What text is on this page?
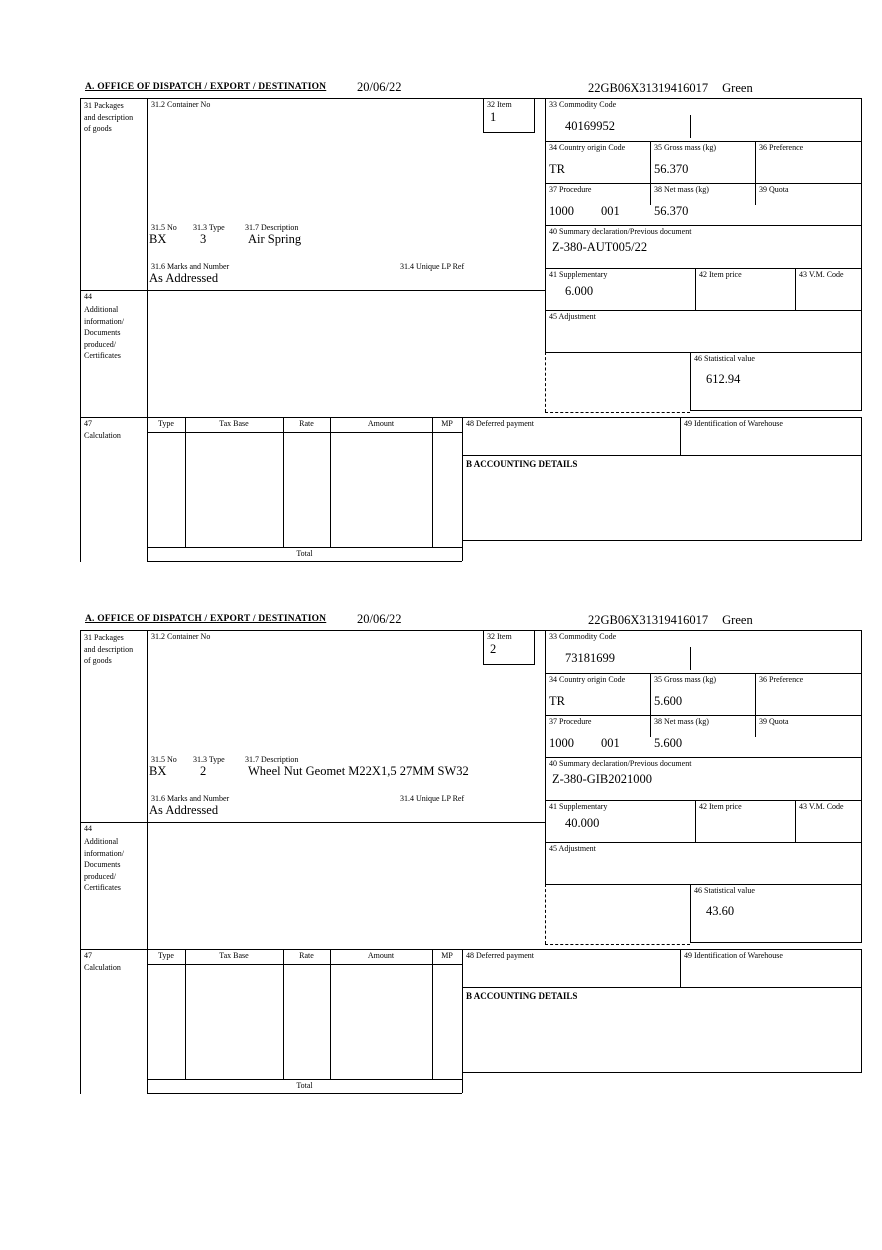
A. OFFICE OF DISPATCH / EXPORT / DESTINATION 20/06/22	22GB06X31319416017 Green
31 Packages and description of goods
44
Additional information/ Documents produced/ Certificates
47
Calculation
31.2 Container No	32 Item
1
31.5 No 31.3 Type	31.7 Description
BX	3	Air Spring
31.6 Marks and Number	31.4 Unique LP Ref
As Addressed
33 Commodity Code
40169952
34 Country origin Code	35 Gross mass (kg)	36 Preference
TR	56.370
37 Procedure	38 Net mass (kg)	39 Quota
1000 001	56.370
40 Summary declaration/Previous document
Z-380-AUT005/22
41 Supplementary	42 Item price	43 V.M. Code
6.000
45 Adjustment
46 Statistical value
612.94
Type	Tax Base	Rate	Amount	MP
Total
48 Deferred payment	49 Identification of Warehouse
B ACCOUNTING DETAILS
A. OFFICE OF DISPATCH / EXPORT / DESTINATION 20/06/22	22GB06X31319416017 Green
31 Packages and description of goods
44
Additional information/ Documents produced/ Certificates
47
Calculation
31.2 Container No	32 Item
2
31.5 No 31.3 Type	31.7 Description
BX	2	Wheel Nut Geomet M22X1,5 27MM SW32
31.6 Marks and Number	31.4 Unique LP Ref
As Addressed
33 Commodity Code
73181699
34 Country origin Code	35 Gross mass (kg)	36 Preference
TR	5.600
37 Procedure	38 Net mass (kg)	39 Quota
1000 001	5.600
40 Summary declaration/Previous document
Z-380-GIB2021000
41 Supplementary	42 Item price	43 V.M. Code
40.000
45 Adjustment
46 Statistical value
43.60
Type	Tax Base	Rate	Amount	MP
Total
48 Deferred payment	49 Identification of Warehouse
B ACCOUNTING DETAILS
